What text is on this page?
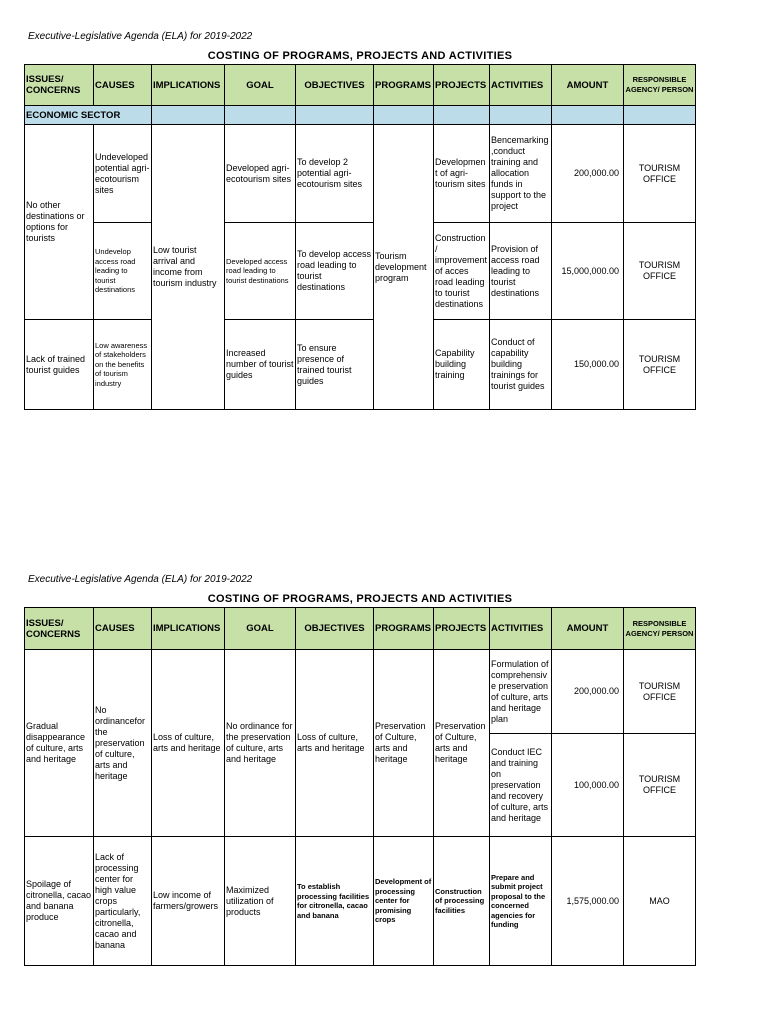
Executive-Legislative Agenda (ELA) for 2019-2022
COSTING OF PROGRAMS, PROJECTS AND ACTIVITIES
ISSUES/ CONCERNS	CAUSES	IMPLICATIONS	GOAL	OBJECTIVES	PROGRAMS	PROJECTS	ACTIVITIES	AMOUNT	RESPONSIBLE AGENCY/ PERSON
ECONOMIC SECTOR									
No other destinations or options for tourists	Undeveloped potential agri-ecotourism sites	Low tourist arrival and income from tourism industry	Developed agri-ecotourism sites	To develop 2 potential agri-ecotourism sites	Tourism development program	Development of agri-tourism sites	Bencemarking ,conduct training and allocation funds in support to the project	200,000.00	TOURISM OFFICE
	Undevelop access road leading to tourist destinations		Developed access road leading to tourist destinations	To develop access road leading to tourist destinations		Construction/ improvement of acces road leading to tourist destinations	Provision of access road leading to tourist destinations	15,000,000.00	TOURISM OFFICE
Lack of trained tourist guides	Low awareness of stakeholders on the benefits of tourism industry		Increased number of tourist guides	To ensure presence of trained tourist guides		Capability building training	Conduct of capability building trainings for tourist guides	150,000.00	TOURISM OFFICE
Executive-Legislative Agenda (ELA) for 2019-2022
COSTING OF PROGRAMS, PROJECTS AND ACTIVITIES
ISSUES/ CONCERNS	CAUSES	IMPLICATIONS	GOAL	OBJECTIVES	PROGRAMS	PROJECTS	ACTIVITIES	AMOUNT	RESPONSIBLE AGENCY/ PERSON
Gradual disappearance of culture, arts and heritage	No ordinancefor the preservation of culture, arts and heritage	Loss of culture, arts and heritage	No ordinance for the preservation of culture, arts and heritage	Loss of culture, arts and heritage	Preservation of Culture, arts and heritage	Preservation of Culture, arts and heritage	Formulation of comprehensiv e preservation of culture, arts and heritage plan	200,000.00	TOURISM OFFICE
							Conduct IEC and training on preservation and recovery of culture, arts and heritage	100,000.00	TOURISM OFFICE
Spoilage of citronella, cacao and banana produce	Lack of processing center for high value crops particularly, citronella, cacao and banana	Low income of farmers/growers	Maximized utilization of products	To establish processing facilities for citronella, cacao and banana	Development of processing center for promising crops	Construction of processing facilities	Prepare and submit project proposal to the concerned agencies for funding	1,575,000.00	MAO
